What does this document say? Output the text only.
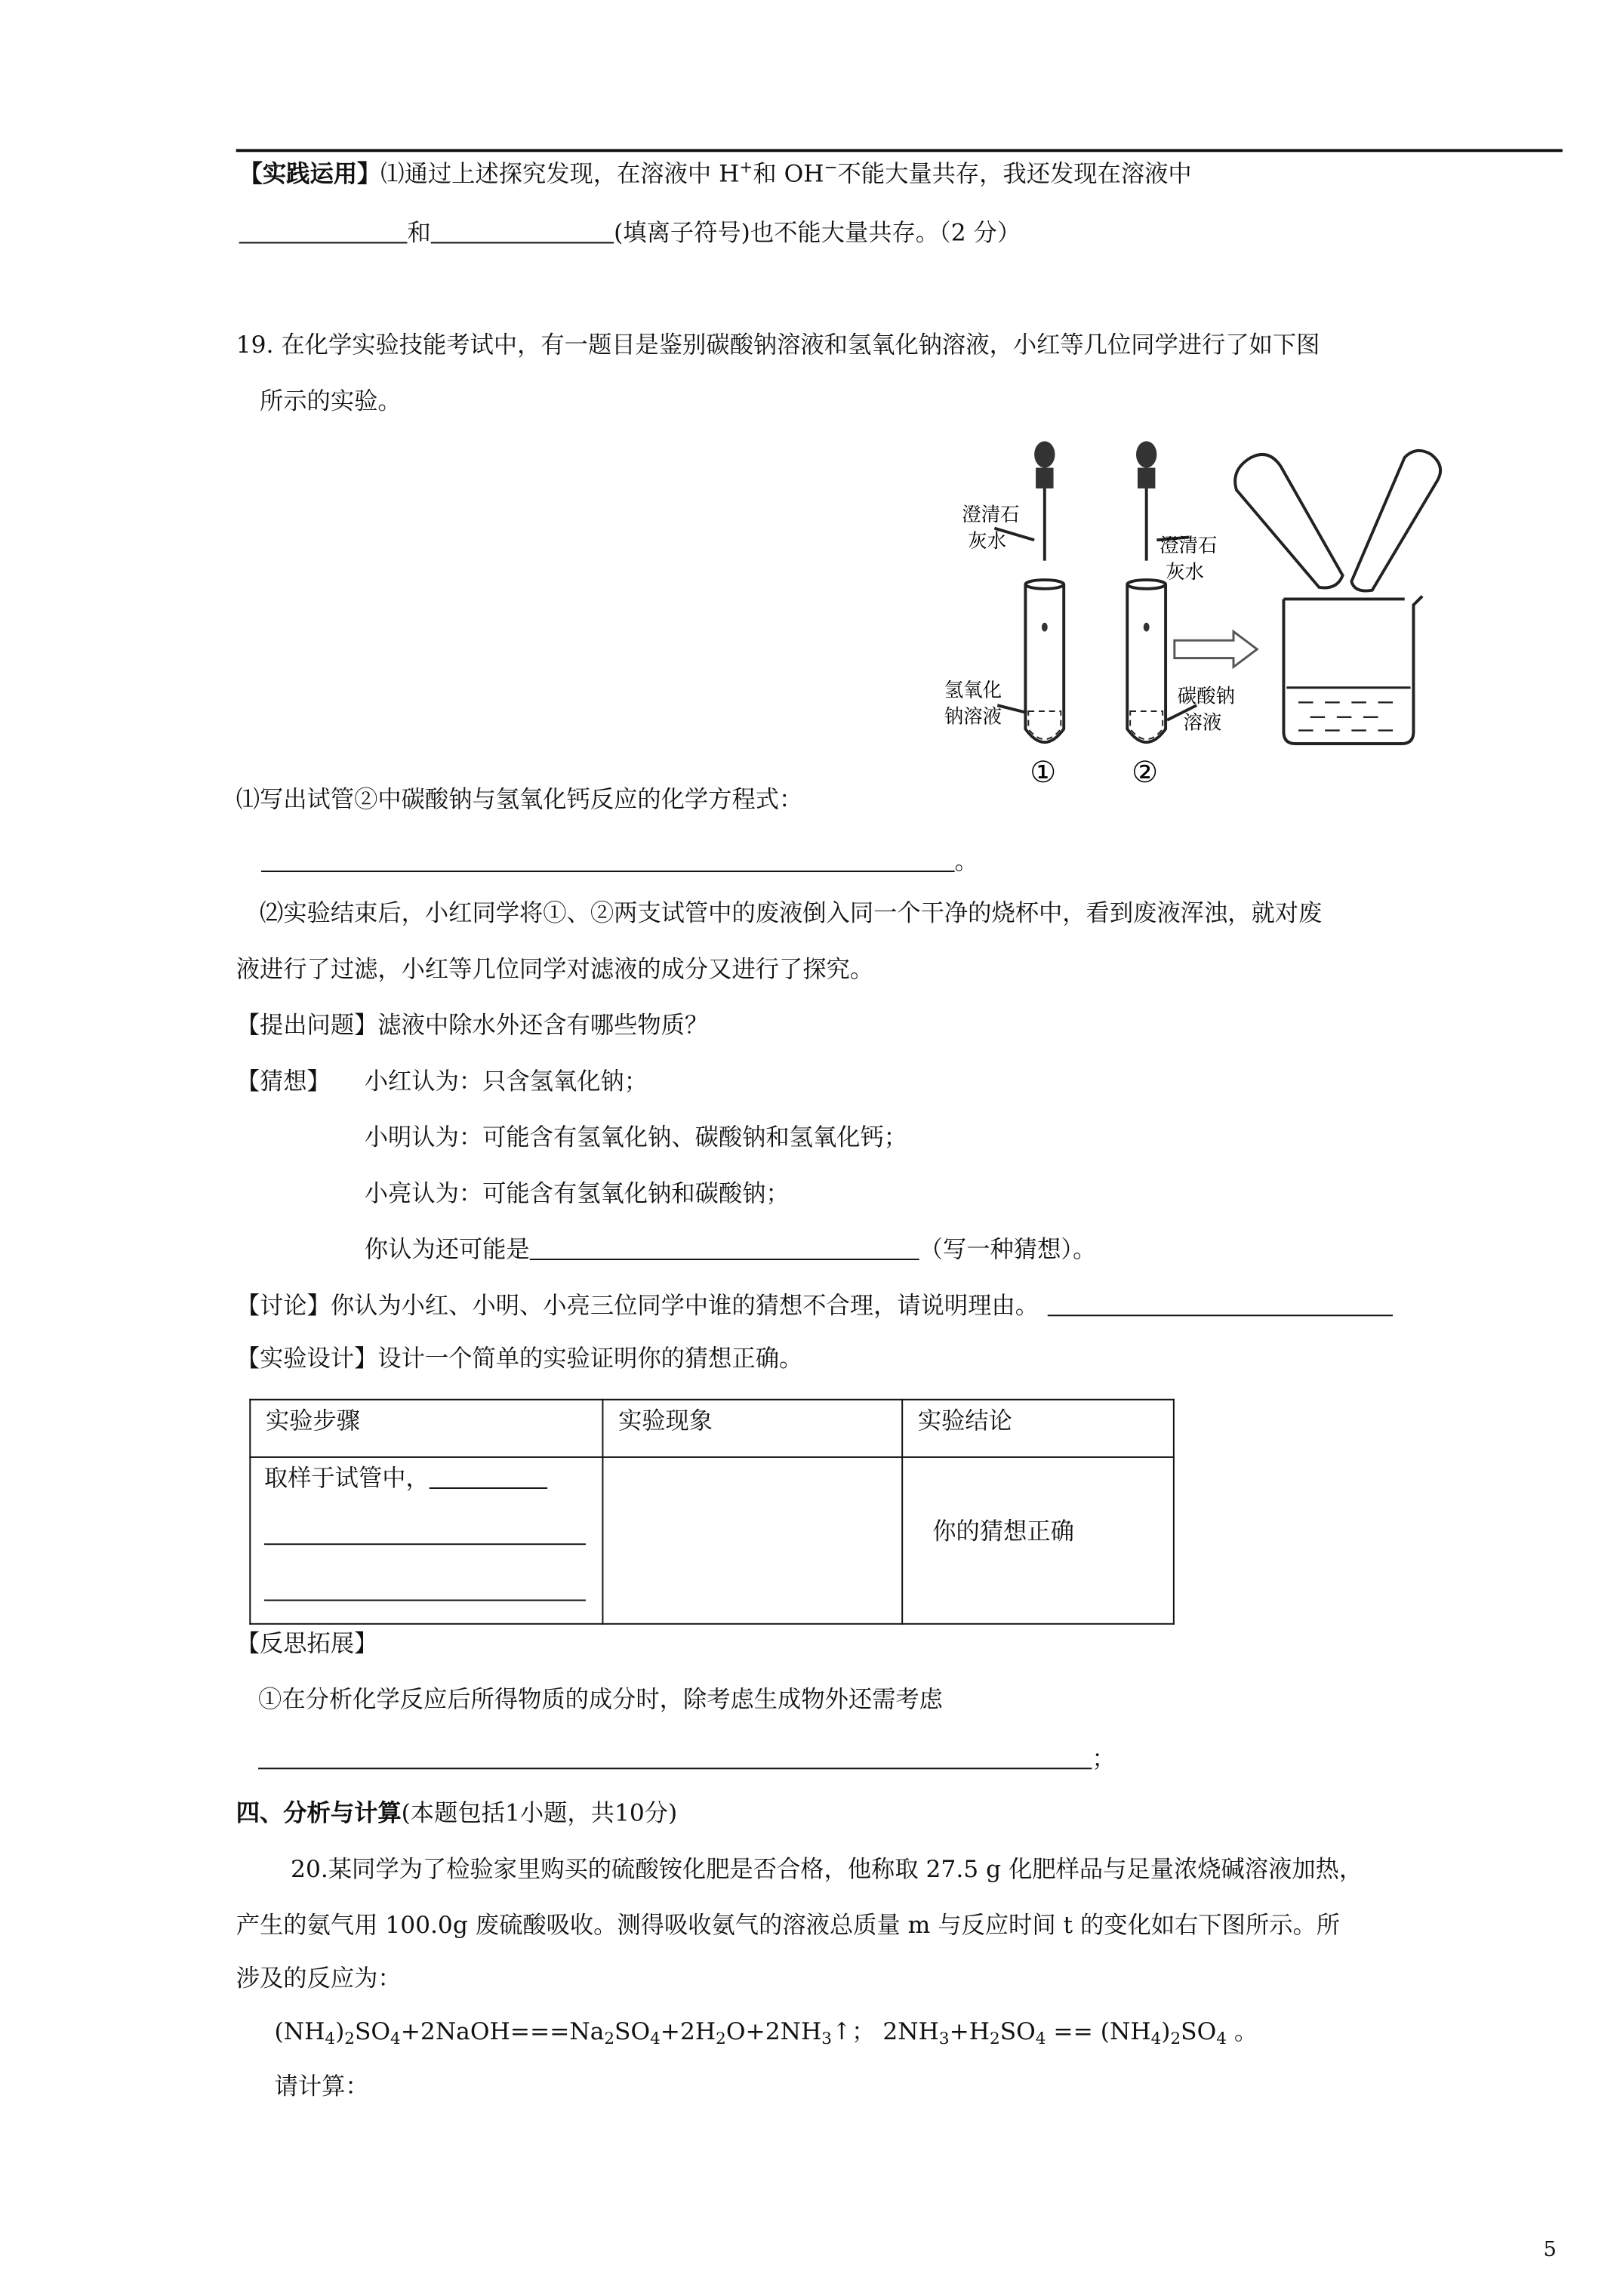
【实践运用】⑴通过上述探究发现，在溶液中 H+和 OH−不能大量共存，我还发现在溶液中
和	(填离子符号)也不能大量共存。（2 分）
19. 在化学实验技能考试中，有一题目是鉴别碳酸钠溶液和氢氧化钠溶液，小红等几位同学进行了如下图
所示的实验。
澄清石
灰水	澄清石
灰水
氢氧化
钠溶液
碳酸钠
溶液
①	②
⑴写出试管②中碳酸钠与氢氧化钙反应的化学方程式：
。
⑵实验结束后，小红同学将①、②两支试管中的废液倒入同一个干净的烧杯中，看到废液浑浊，就对废
液进行了过滤，小红等几位同学对滤液的成分又进行了探究。
【提出问题】滤液中除水外还含有哪些物质？
【猜想】	小红认为：只含氢氧化钠；
小明认为：可能含有氢氧化钠、碳酸钠和氢氧化钙；
小亮认为：可能含有氢氧化钠和碳酸钠；
你认为还可能是	（写一种猜想）。
【讨论】你认为小红、小明、小亮三位同学中谁的猜想不合理，请说明理由。
【实验设计】设计一个简单的实验证明你的猜想正确。
实验步骤	实验现象	实验结论

取样于试管中，		你的猜想正确
【反思拓展】
①在分析化学反应后所得物质的成分时，除考虑生成物外还需考虑
；
四、分析与计算(本题包括1小题，共10分)
20.某同学为了检验家里购买的硫酸铵化肥是否合格，他称取 27.5 g 化肥样品与足量浓烧碱溶液加热，
产生的氨气用 100.0g 废硫酸吸收。测得吸收氨气的溶液总质量 m 与反应时间 t 的变化如右下图所示。所
涉及的反应为：
$(NH_4)_2SO_4+2NaOH===Na_2SO_4+2H_2O+2NH_3↑$； $2NH_3+H_2SO_4 == (NH_4)_2SO_4$ 。
请计算：
5
